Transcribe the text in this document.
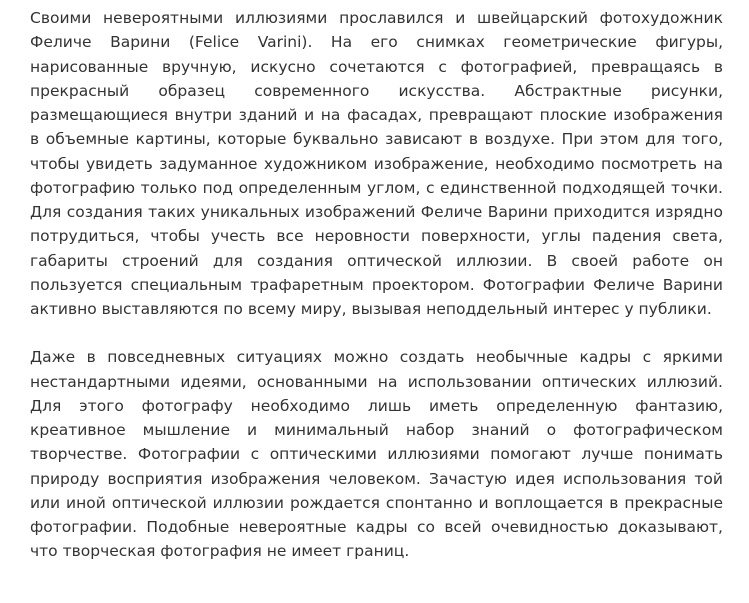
Своими невероятными иллюзиями прославился и швейцарский фотохудожник Феличе Варини (Felice Varini). На его снимках геометрические фигуры, нарисованные вручную, искусно сочетаются с фотографией, превращаясь в прекрасный образец современного искусства. Абстрактные рисунки, размещающиеся внутри зданий и на фасадах, превращают плоские изображения в объемные картины, которые буквально зависают в воздухе. При этом для того, чтобы увидеть задуманное художником изображение, необходимо посмотреть на фотографию только под определенным углом, с единственной подходящей точки. Для создания таких уникальных изображений Феличе Варини приходится изрядно потрудиться, чтобы учесть все неровности поверхности, углы падения света, габариты строений для создания оптической иллюзии. В своей работе он пользуется специальным трафаретным проектором. Фотографии Феличе Варини активно выставляются по всему миру, вызывая неподдельный интерес у публики.

Даже в повседневных ситуациях можно создать необычные кадры с яркими нестандартными идеями, основанными на использовании оптических иллюзий. Для этого фотографу необходимо лишь иметь определенную фантазию, креативное мышление и минимальный набор знаний о фотографическом творчестве. Фотографии с оптическими иллюзиями помогают лучше понимать природу восприятия изображения человеком. Зачастую идея использования той или иной оптической иллюзии рождается спонтанно и воплощается в прекрасные фотографии. Подобные невероятные кадры со всей очевидностью доказывают, что творческая фотография не имеет границ.
